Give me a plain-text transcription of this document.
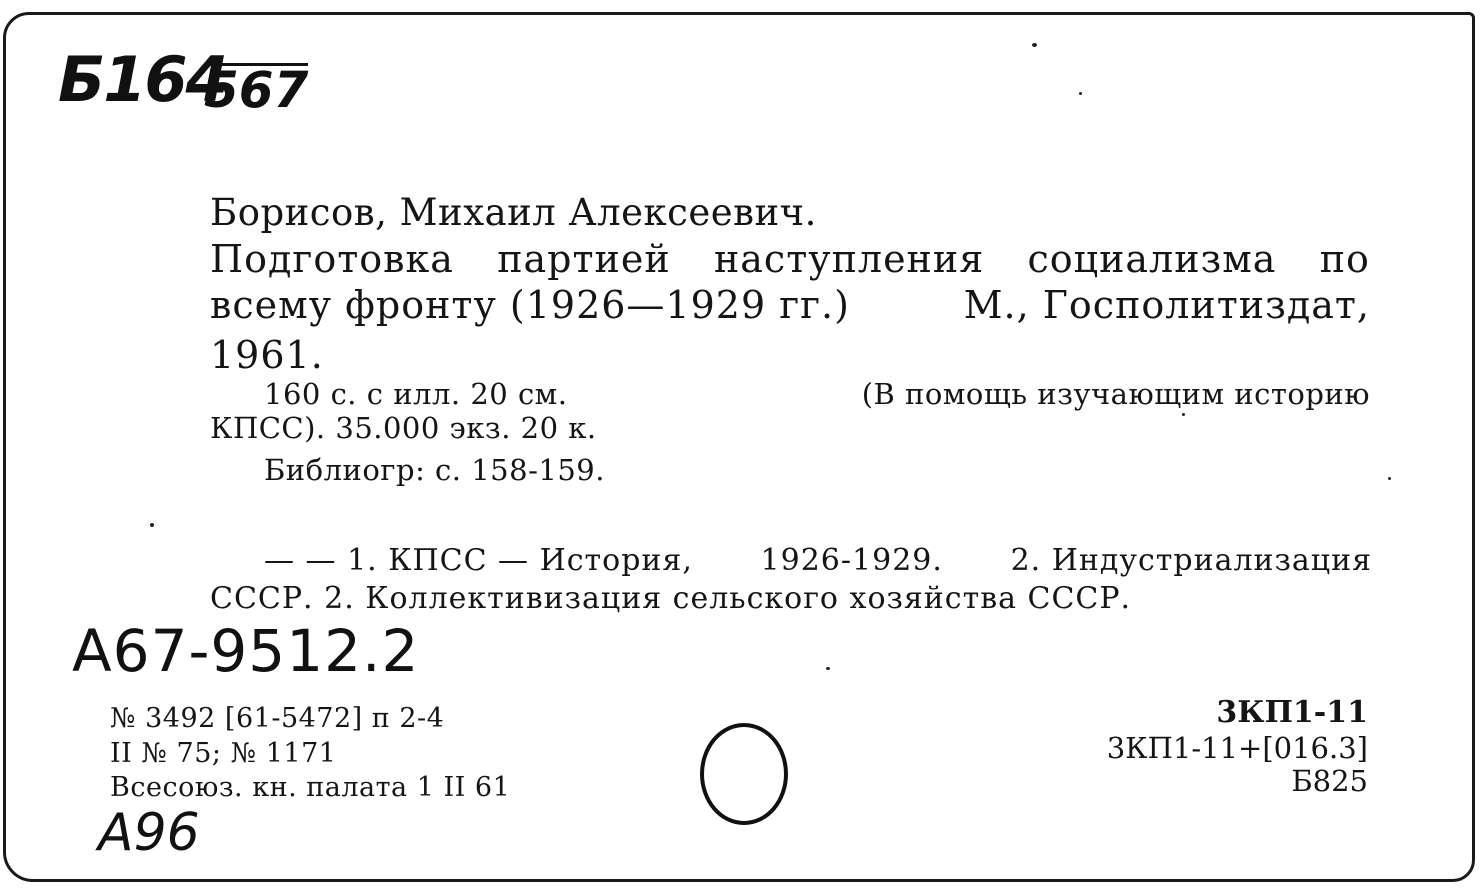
Б164
567
Борисов, Михаил Алексеевич.
Подготовка партией наступления социализма по
всему фронту (1926—1929 гг.)	М., Госполитиздат,
1961.
160 с. с илл. 20 см.	(В помощь изучающим историю
КПСС). 35.000 экз. 20 к.
Библиогр: с. 158-159.
— — 1. КПСС — История, 1926-1929. 2. Индустриализация
СССР. 2. Коллективизация сельского хозяйства СССР.
А67-9512.2
№ 3492 [61-5472] п 2-4
II № 75; № 1171
Всесоюз. кн. палата 1 II 61
3КП1-11
3КП1-11+[016.3]
Б825
А96
